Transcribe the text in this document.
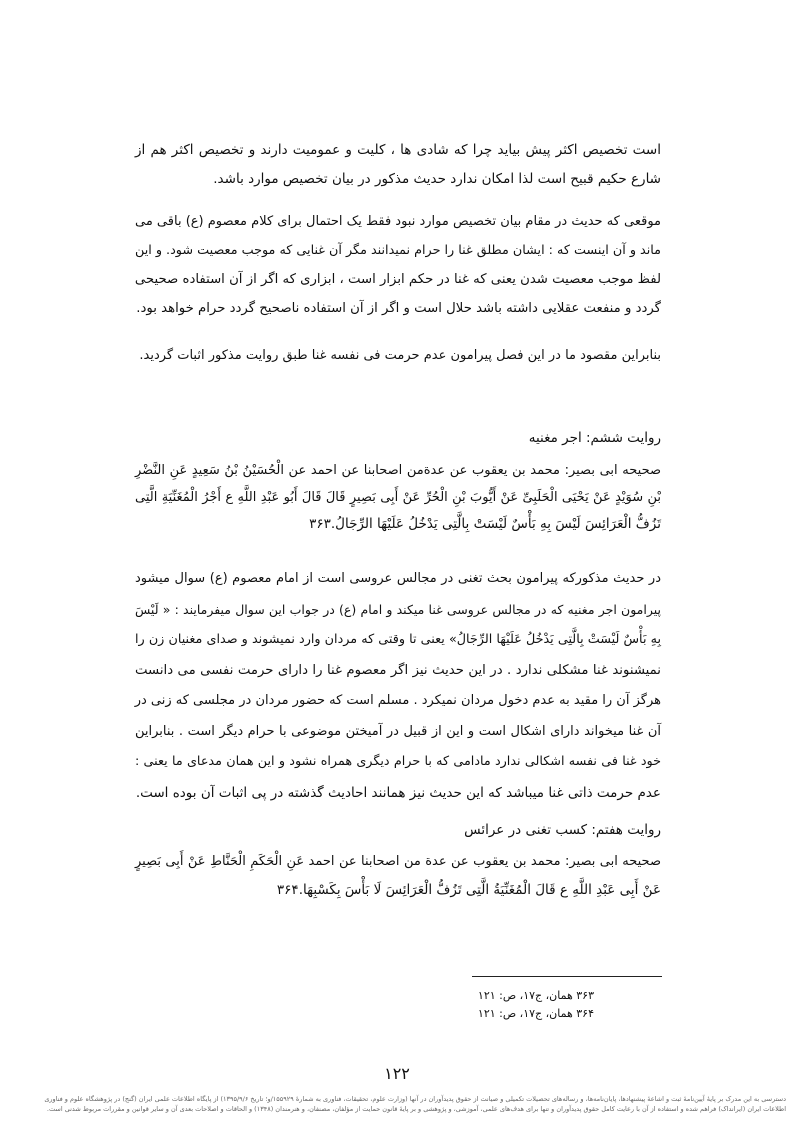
است تخصیص اکثر پیش بیاید چرا که شادی ها ، کلیت و عمومیت دارند و تخصیص اکثر هم از
شارع حکیم قبیح است لذا امکان ندارد حدیث مذکور در بیان تخصیص موارد باشد.
موقعی که حدیث در مقام بیان تخصیص موارد نبود فقط یک احتمال برای کلام معصوم (ع) باقی می
ماند و آن اینست که : ایشان مطلق غنا را حرام نمیدانند مگر آن غنایی که موجب معصیت شود. و این
لفظ موجب معصیت شدن یعنی که غنا در حکم ابزار است ، ابزاری که اگر از آن استفاده صحیحی
گردد و منفعت عقلایی داشته باشد حلال است و اگر از آن استفاده ناصحیح گردد حرام خواهد بود.
بنابراین مقصود ما در این فصل پیرامون عدم حرمت فی نفسه غنا طبق روایت مذکور اثبات گردید.
روایت ششم: اجر مغنیه
صحیحه ابی بصیر: محمد بن یعقوب عن عدةمن اصحابنا عن احمد عن الْحُسَیْنُ بْنُ سَعِیدٍ عَنِ النَّضْرِ
بْنِ سُوَیْدٍ عَنْ یَحْیَى الْحَلَبِیِّ عَنْ أَیُّوبَ بْنِ الْحُرِّ عَنْ أَبِی بَصِیرٍ قَالَ قَالَ أَبُو عَبْدِ اللَّهِ ع أَجْرُ الْمُغَنِّیَةِ الَّتِی
تَزُفُّ الْعَرَائِسَ لَیْسَ بِهِ بَأْسٌ لَیْسَتْ بِالَّتِی یَدْخُلُ عَلَیْهَا الرِّجَالُ.۳۶۳
در حدیث مذکورکه پیرامون بحث تغنی در مجالس عروسی است از امام معصوم (ع) سوال میشود
پیرامون اجر مغنیه که در مجالس عروسی غنا میکند و امام (ع) در جواب این سوال میفرمایند : « لَیْسَ
بِهِ بَأْسٌ لَیْسَتْ بِالَّتِی یَدْخُلُ عَلَیْهَا الرِّجَالُ» یعنی تا وقتی که مردان وارد نمیشوند و صدای مغنیان زن را
نمیشنوند غنا مشکلی ندارد . در این حدیث نیز اگر معصوم غنا را دارای حرمت نفسی می دانست
هرگز آن را مقید به عدم دخول مردان نمیکرد . مسلم است که حضور مردان در مجلسی که زنی در
آن غنا میخواند دارای اشکال است و این از قبیل در آمیختن موضوعی با حرام دیگر است . بنابراین
خود غنا فی نفسه اشکالی ندارد مادامی که با حرام دیگری همراه نشود و این همان مدعای ما یعنی :
عدم حرمت ذاتی غنا میباشد که این حدیث نیز همانند احادیث گذشته در پی اثبات آن بوده است.
روایت هفتم: کسب تغنی در عرائس
صحیحه ابی بصیر: محمد بن یعقوب عن عدة من اصحابنا عن احمد عَنِ الْحَکَمِ الْحَنَّاطِ عَنْ أَبِی بَصِیرٍ
عَنْ أَبِی عَبْدِ اللَّهِ ع قَالَ الْمُغَنِّیَةُ الَّتِی تَزُفُّ الْعَرَائِسَ لَا بَأْسَ بِکَسْبِهَا.۳۶۴
۳۶۳ همان، ج۱۷، ص: ۱۲۱
۳۶۴ همان، ج۱۷، ص: ۱۲۱
۱۲۲
دسترسی به این مدرک بر پایهٔ آیین‌نامهٔ ثبت و اشاعهٔ پیشنهادها، پایان‌نامه‌ها، و رساله‌های تحصیلات تکمیلی و صیانت از حقوق پدیدآوران در آنها (وزارت علوم، تحقیقات، فناوری به شمارهٔ ۱۵۵۹۲۹/و؛ تاریخ ۱۳۹۵/۹/۶) از پایگاه اطلاعات علمی ایران (گنج) در پژوهشگاه علوم و فناوری
اطلاعات ایران (ایرانداک) فراهم شده و استفاده از آن با رعایت کامل حقوق پدیدآوران و تنها برای هدف‌های علمی، آموزشی، و پژوهشی و بر پایهٔ قانون حمایت از مؤلفان، مصنفان، و هنرمندان (۱۳۴۸) و الحاقات و اصلاحات بعدی آن و سایر قوانین و مقررات مربوط شدنی است.
